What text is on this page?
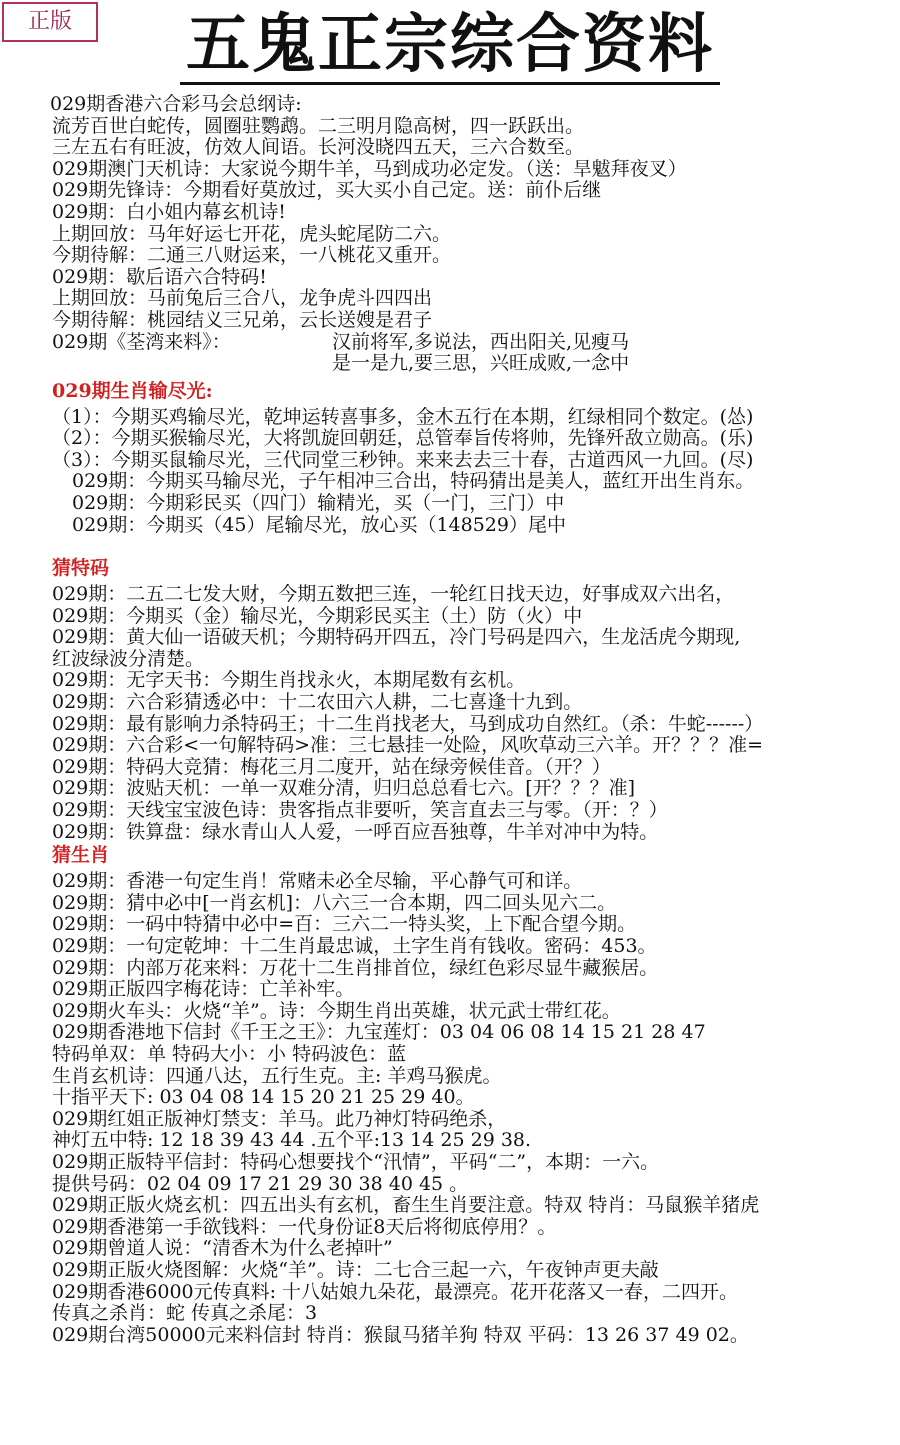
正版	五鬼正宗综合资料
029期香港六合彩马会总纲诗:
流芳百世白蛇传，圆圈驻鹦鹉。二三明月隐高树，四一跃跃出。
三左五右有旺波，仿效人间语。长河没晓四五天，三六合数至。
029期澳门天机诗：大家说今期牛羊，马到成功必定发。（送：旱魃拜夜叉）
029期先锋诗：今期看好莫放过，买大买小自己定。送：前仆后继
029期：白小姐内幕玄机诗!
上期回放：马年好运七开花，虎头蛇尾防二六。
今期待解：二通三八财运来，一八桃花又重开。
029期：歇后语六合特码!
上期回放：马前兔后三合八，龙争虎斗四四出
今期待解：桃园结义三兄弟，云长送嫂是君子
029期《荃湾来料》：	汉前将军,多说法，西出阳关,见瘦马
是一是九,要三思，兴旺成败,一念中
029期生肖输尽光:
（1）：今期买鸡输尽光，乾坤运转喜事多，金木五行在本期，红绿相同个数定。(怂)
（2）：今期买猴输尽光，大将凯旋回朝廷，总管奉旨传将帅，先锋歼敌立勋高。(乐)
（3）：今期买鼠输尽光，三代同堂三秒钟。来来去去三十春，古道西风一九回。(尽)
029期：今期买马输尽光，子午相冲三合出，特码猜出是美人，蓝红开出生肖东。
029期：今期彩民买（四门）输精光，买（一门，三门）中
029期：今期买（45）尾输尽光，放心买（148529）尾中
猜特码
029期：二五二七发大财，今期五数把三连，一轮红日找天边，好事成双六出名，
029期：今期买（金）输尽光，今期彩民买主（土）防（火）中
029期：黄大仙一语破天机；今期特码开四五，冷门号码是四六，生龙活虎今期现,
红波绿波分清楚。
029期：无字天书：今期生肖找永火，本期尾数有玄机。
029期：六合彩猜透必中：十二农田六人耕，二七喜逢十九到。
029期：最有影响力杀特码王；十二生肖找老大，马到成功自然红。（杀：牛蛇------）
029期：六合彩<一句解特码>准：三七悬挂一处险，风吹草动三六羊。开？？？准=
029期：特码大竞猜：梅花三月二度开，站在绿旁候佳音。（开？）
029期：波贴天机：一单一双难分清，归归总总看七六。[开？？？准]
029期：天线宝宝波色诗：贵客指点非要听，笑言直去三与零。（开：？）
029期：铁算盘：绿水青山人人爱，一呼百应吾独尊，牛羊对冲中为特。
猜生肖
029期：香港一句定生肖！常赌未必全尽输，平心静气可和详。
029期：猜中必中[一肖玄机]：八六三一合本期，四二回头见六二。
029期：一码中特猜中必中=百：三六二一特头奖，上下配合望今期。
029期：一句定乾坤：十二生肖最忠诚，土字生肖有钱收。密码：453。
029期：内部万花来料：万花十二生肖排首位，绿红色彩尽显牛藏猴居。
029期正版四字梅花诗：亡羊补牢。
029期火车头：火烧“羊”。诗：今期生肖出英雄，状元武士带红花。
029期香港地下信封《千王之王》：九宝莲灯：03 04 06 08 14 15 21 28 47
特码单双：单 特码大小：小 特码波色：蓝
生肖玄机诗：四通八达，五行生克。主: 羊鸡马猴虎。
十指平天下: 03 04 08 14 15 20 21 25 29 40。
029期红姐正版神灯禁支：羊马。此乃神灯特码绝杀，
神灯五中特: 12 18 39 43 44 .五个平:13 14 25 29 38.
029期正版特平信封：特码心想要找个“汛情”，平码“二”，本期：一六。
提供号码：02 04 09 17 21 29 30 38 40 45 。
029期正版火烧玄机：四五出头有玄机，畜生生肖要注意。特双 特肖：马鼠猴羊猪虎
029期香港第一手欲钱料：一代身份证8天后将彻底停用？。
029期曾道人说：“清香木为什么老掉叶”
029期正版火烧图解：火烧“羊”。诗：二七合三起一六，午夜钟声更夫敲
029期香港6000元传真料: 十八姑娘九朵花，最漂亮。花开花落又一春，二四开。
传真之杀肖：蛇 传真之杀尾：3
029期台湾50000元来料信封 特肖：猴鼠马猪羊狗 特双 平码：13 26 37 49 02。
